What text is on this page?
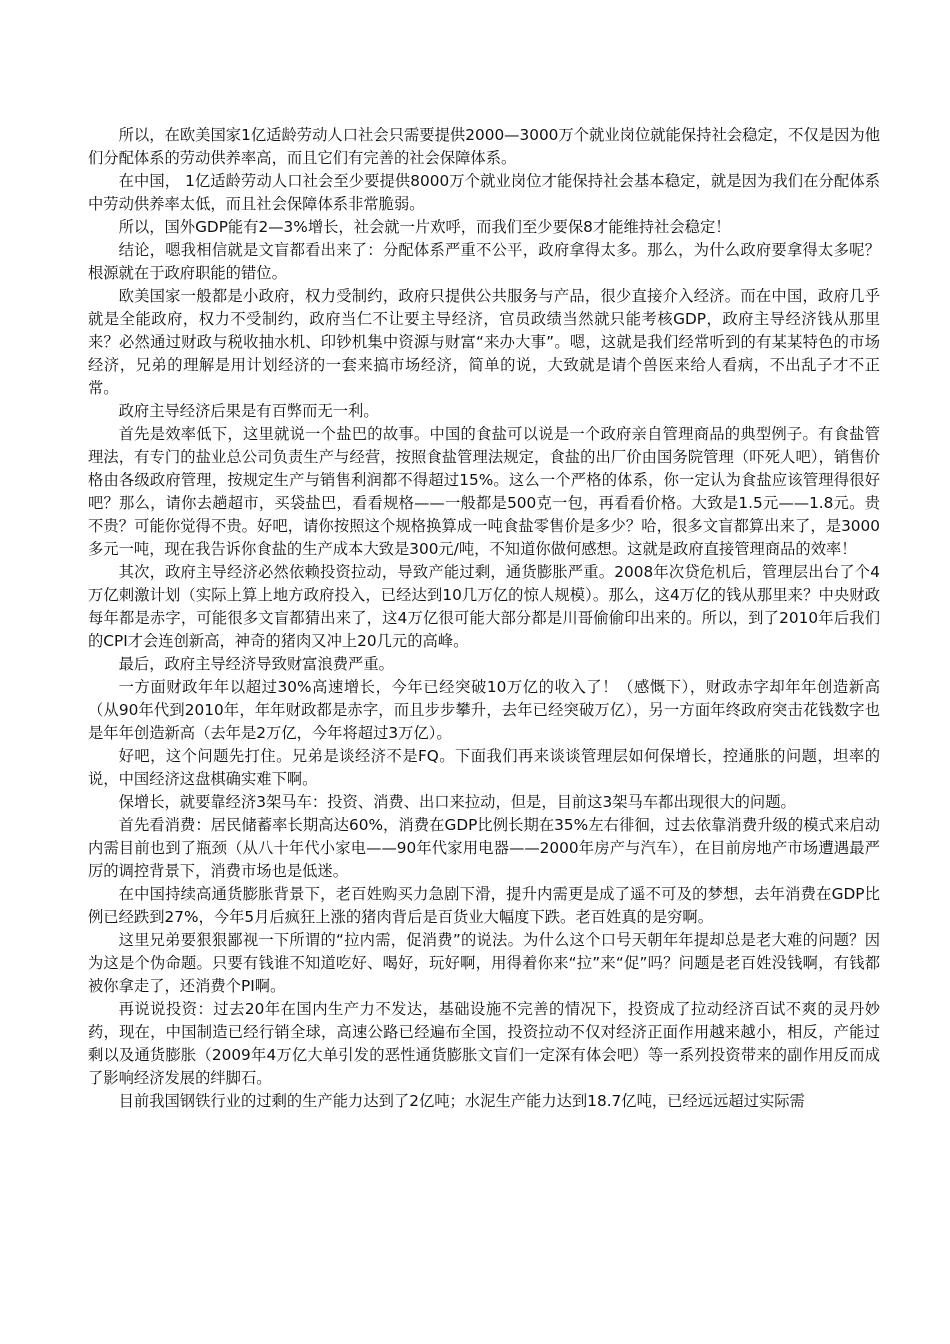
所以，在欧美国家1亿适龄劳动人口社会只需要提供2000—3000万个就业岗位就能保持社会稳定，不仅是因为他们分配体系的劳动供养率高，而且它们有完善的社会保障体系。

在中国， 1亿适龄劳动人口社会至少要提供8000万个就业岗位才能保持社会基本稳定，就是因为我们在分配体系中劳动供养率太低，而且社会保障体系非常脆弱。

所以，国外GDP能有2—3%增长，社会就一片欢呼，而我们至少要保8才能维持社会稳定！

结论，嗯我相信就是文盲都看出来了：分配体系严重不公平，政府拿得太多。那么，为什么政府要拿得太多呢？根源就在于政府职能的错位。

欧美国家一般都是小政府，权力受制约，政府只提供公共服务与产品，很少直接介入经济。而在中国，政府几乎就是全能政府，权力不受制约，政府当仁不让要主导经济，官员政绩当然就只能考核GDP，政府主导经济钱从那里来？必然通过财政与税收抽水机、印钞机集中资源与财富“来办大事”。嗯，这就是我们经常听到的有某某特色的市场经济，兄弟的理解是用计划经济的一套来搞市场经济，简单的说，大致就是请个兽医来给人看病，不出乱子才不正常。

政府主导经济后果是有百弊而无一利。

首先是效率低下，这里就说一个盐巴的故事。中国的食盐可以说是一个政府亲自管理商品的典型例子。有食盐管理法，有专门的盐业总公司负责生产与经营，按照食盐管理法规定，食盐的出厂价由国务院管理（吓死人吧），销售价格由各级政府管理，按规定生产与销售利润都不得超过15%。这么一个严格的体系，你一定认为食盐应该管理得很好吧？那么，请你去趟超市，买袋盐巴，看看规格——一般都是500克一包，再看看价格。大致是1.5元——1.8元。贵不贵？可能你觉得不贵。好吧，请你按照这个规格换算成一吨食盐零售价是多少？哈，很多文盲都算出来了，是3000多元一吨，现在我告诉你食盐的生产成本大致是300元/吨，不知道你做何感想。这就是政府直接管理商品的效率！

其次，政府主导经济必然依赖投资拉动，导致产能过剩，通货膨胀严重。2008年次贷危机后，管理层出台了个4万亿刺激计划（实际上算上地方政府投入，已经达到10几万亿的惊人规模）。那么，这4万亿的钱从那里来？中央财政每年都是赤字，可能很多文盲都猜出来了，这4万亿很可能大部分都是川哥偷偷印出来的。所以，到了2010年后我们的CPI才会连创新高，神奇的猪肉又冲上20几元的高峰。

最后，政府主导经济导致财富浪费严重。

一方面财政年年以超过30%高速增长，今年已经突破10万亿的收入了！（感慨下），财政赤字却年年创造新高（从90年代到2010年，年年财政都是赤字，而且步步攀升，去年已经突破万亿），另一方面年终政府突击花钱数字也是年年创造新高（去年是2万亿，今年将超过3万亿）。

好吧，这个问题先打住。兄弟是谈经济不是FQ。下面我们再来谈谈管理层如何保增长，控通胀的问题，坦率的说，中国经济这盘棋确实难下啊。

保增长，就要靠经济3架马车：投资、消费、出口来拉动，但是，目前这3架马车都出现很大的问题。

首先看消费：居民储蓄率长期高达60%，消费在GDP比例长期在35%左右徘徊，过去依靠消费升级的模式来启动内需目前也到了瓶颈（从八十年代小家电——90年代家用电器——2000年房产与汽车），在目前房地产市场遭遇最严厉的调控背景下，消费市场也是低迷。

在中国持续高通货膨胀背景下，老百姓购买力急剧下滑，提升内需更是成了遥不可及的梦想，去年消费在GDP比例已经跌到27%，今年5月后疯狂上涨的猪肉背后是百货业大幅度下跌。老百姓真的是穷啊。

这里兄弟要狠狠鄙视一下所谓的“拉内需，促消费”的说法。为什么这个口号天朝年年提却总是老大难的问题？因为这是个伪命题。只要有钱谁不知道吃好、喝好，玩好啊，用得着你来“拉”来“促”吗？问题是老百姓没钱啊，有钱都被你拿走了，还消费个PI啊。

再说说投资：过去20年在国内生产力不发达，基础设施不完善的情况下，投资成了拉动经济百试不爽的灵丹妙药，现在，中国制造已经行销全球，高速公路已经遍布全国，投资拉动不仅对经济正面作用越来越小，相反，产能过剩以及通货膨胀（2009年4万亿大单引发的恶性通货膨胀文盲们一定深有体会吧）等一系列投资带来的副作用反而成了影响经济发展的绊脚石。

目前我国钢铁行业的过剩的生产能力达到了2亿吨；水泥生产能力达到18.7亿吨，已经远远超过实际需
